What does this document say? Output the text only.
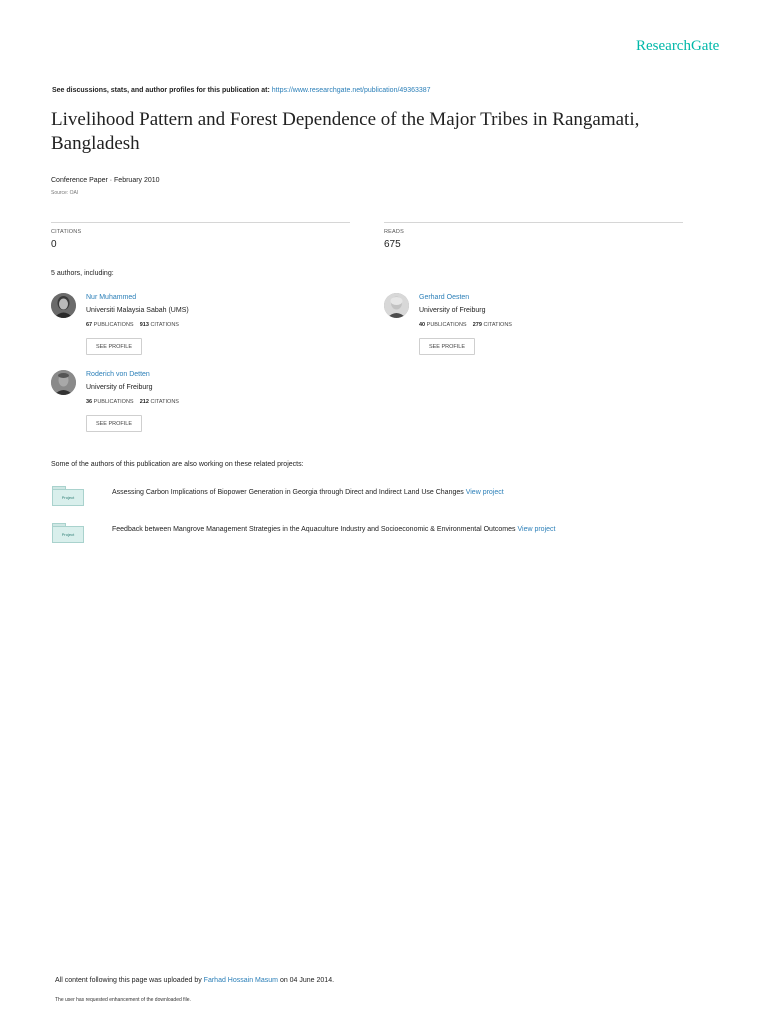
ResearchGate
See discussions, stats, and author profiles for this publication at: https://www.researchgate.net/publication/49363387
Livelihood Pattern and Forest Dependence of the Major Tribes in Rangamati, Bangladesh
Conference Paper · February 2010
Source: OAI
CITATIONS
0
READS
675
5 authors, including:
Nur Muhammed
Universiti Malaysia Sabah (UMS)
67 PUBLICATIONS 913 CITATIONS
SEE PROFILE
Gerhard Oesten
University of Freiburg
40 PUBLICATIONS 279 CITATIONS
SEE PROFILE
Roderich von Detten
University of Freiburg
36 PUBLICATIONS 212 CITATIONS
SEE PROFILE
Some of the authors of this publication are also working on these related projects:
Project
Assessing Carbon Implications of Biopower Generation in Georgia through Direct and Indirect Land Use Changes View project
Project
Feedback between Mangrove Management Strategies in the Aquaculture Industry and Socioeconomic & Environmental Outcomes View project
All content following this page was uploaded by Farhad Hossain Masum on 04 June 2014.
The user has requested enhancement of the downloaded file.
